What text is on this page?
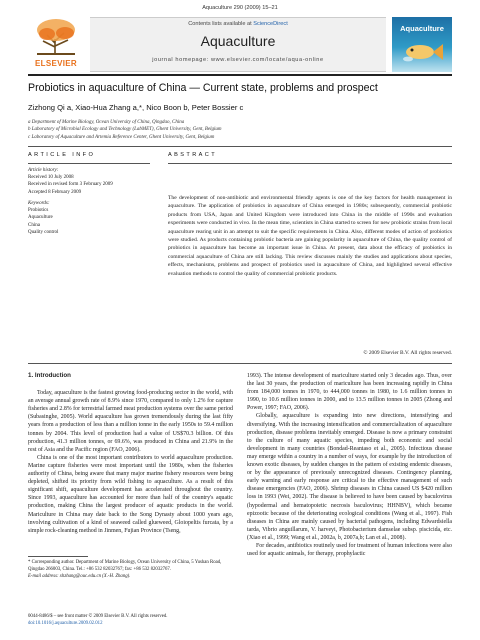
Aquaculture 290 (2009) 15–21
ELSEVIER
Contents lists available at ScienceDirect
Aquaculture
journal homepage: www.elsevier.com/locate/aqua-online
Aquaculture
Probiotics in aquaculture of China — Current state, problems and prospect
Zizhong Qi a, Xiao-Hua Zhang a,*, Nico Boon b, Peter Bossier c
a Department of Marine Biology, Ocean University of China, Qingdao, China
b Laboratory of Microbial Ecology and Technology (LabMET), Ghent University, Gent, Belgium
c Laboratory of Aquaculture and Artemia Reference Center, Ghent University, Gent, Belgium
ARTICLE INFO	ABSTRACT
Article history:
Received 10 July 2008
Received in revised form 3 February 2009
Accepted 8 February 2009
Keywords:
Probiotics
Aquaculture
China
Quality control
The development of non-antibiotic and environmental friendly agents is one of the key factors for health management in aquaculture. The application of probiotics in aquaculture of China emerged in 1980s; subsequently, commercial probiotic products from USA, Japan and United Kingdom were introduced into China in the middle of 1990s and evaluation experiments were conducted in vivo. In the mean time, scientists in China started to screen for new probiotic strains from local aquaculture rearing unit in an attempt to suit the specific requirements in China. Also, different modes of action of probiotics were studied. As products containing probiotic bacteria are gaining popularity in aquaculture of China, the quality control of probiotics in aquaculture has become an important issue in China. At present, data about the efficacy of probiotics in commercial aquaculture of China are still lacking. This review discusses mainly the studies and applications about species, effects, mechanisms, problems and prospect of probiotics used in aquaculture of China, and highlighted several effective evaluation methods to control the quality of commercial probiotic products.
© 2009 Elsevier B.V. All rights reserved.
1. Introduction

Today, aquaculture is the fastest growing food-producing sector in the world, with an average annual growth rate of 8.9% since 1970, compared to only 1.2% for capture fisheries and 2.8% for terrestrial farmed meat production systems over the same period (Subasinghe, 2005). World aquaculture has grown tremendously during the last fifty years from a production of less than a million tonne in the early 1950s to 59.4 million tonnes by 2004. This level of production had a value of US$70.3 billion. Of this production, 41.3 million tonnes, or 69.6%, was produced in China and 21.9% in the rest of Asia and the Pacific region (FAO, 2006).

China is one of the most important contributors to world aquaculture production. Marine capture fisheries were most important until the 1980s, when the fisheries authority of China, being aware that many major marine fishery resources were being depleted, shifted its priority from wild fishing to aquaculture. As a result of this significant shift, aquaculture development has accelerated throughout the country. Since 1993, aquaculture has accounted for more than half of the country's aquatic production, making China the largest producer of aquatic products in the world. Mariculture in China may date back to the Song Dynasty about 1000 years ago, involving cultivation of a kind of seaweed called glueweed, Gloiopeltis furcata, by a simple rock-cleaning method in Jinmen, Fujian Province (Tseng,

1993). The intense development of mariculture started only 3 decades ago. Thus, over the last 30 years, the production of mariculture has been increasing rapidly in China from 184,000 tonnes in 1970, to 444,000 tonnes in 1980, to 1.6 million tonnes in 1990, to 10.6 million tonnes in 2000, and to 13.5 million tonnes in 2005 (Zhong and Power, 1997; FAO, 2006).

Globally, aquaculture is expanding into new directions, intensifying and diversifying. With the increasing intensification and commercialization of aquaculture production, disease problems inevitably emerged. Disease is now a primary constraint to the culture of many aquatic species, impeding both economic and social development in many countries (Bondad-Reantaso et al., 2005). Infectious disease may emerge within a country in a number of ways, for example by the introduction of known exotic diseases, by sudden changes in the pattern of existing endemic diseases, or by the appearance of previously unrecognized diseases. Contingency planning, early warning and early response are critical to the effective management of such disease emergencies (FAO, 2006). Shrimp diseases in China caused US $420 million loss in 1993 (Wei, 2002). The disease is believed to have been caused by baculovirus (hypodermal and hematopoietic necrosis baculovirus; HHNBV), which became epizootic because of the deteriorating ecological conditions (Wang et al., 1997). Fish diseases in China are mainly caused by bacterial pathogens, including Edwardsiella tarda, Vibrio anguillarum, V. harveyi, Photobacterium damselae subsp. piscicida, etc. (Xiao et al., 1999; Wang et al., 2002a, b, 2007a,b; Lan et al., 2008).

For decades, antibiotics routinely used for treatment of human infections were also used for aquatic animals, for therapy, prophylactic

* Corresponding author. Department of Marine Biology, Ocean University of China, 5 Yushan Road, Qingdao 266003, China. Tel.: +86 532 82032767; fax: +86 532 82032767.
E-mail address: xhzhang@ouc.edu.cn (X.-H. Zhang).
0044-8486/$ – see front matter © 2009 Elsevier B.V. All rights reserved.
doi:10.1016/j.aquaculture.2009.02.012
